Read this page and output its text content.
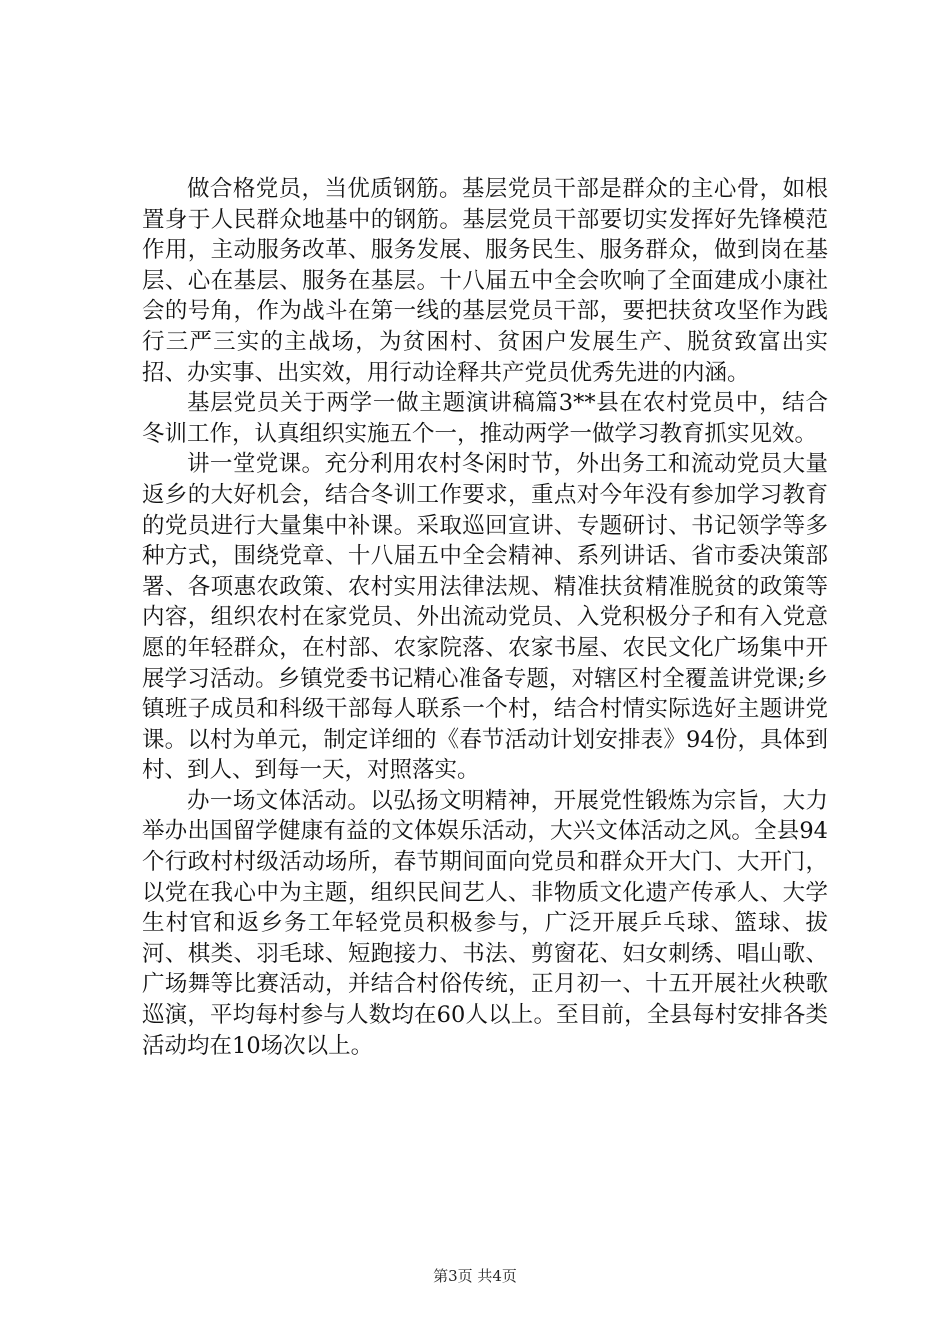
做合格党员，当优质钢筋。基层党员干部是群众的主心骨，如根置身于人民群众地基中的钢筋。基层党员干部要切实发挥好先锋模范作用，主动服务改革、服务发展、服务民生、服务群众，做到岗在基层、心在基层、服务在基层。十八届五中全会吹响了全面建成小康社会的号角，作为战斗在第一线的基层党员干部，要把扶贫攻坚作为践行三严三实的主战场，为贫困村、贫困户发展生产、脱贫致富出实招、办实事、出实效，用行动诠释共产党员优秀先进的内涵。

基层党员关于两学一做主题演讲稿篇3**县在农村党员中，结合冬训工作，认真组织实施五个一，推动两学一做学习教育抓实见效。

讲一堂党课。充分利用农村冬闲时节，外出务工和流动党员大量返乡的大好机会，结合冬训工作要求，重点对今年没有参加学习教育的党员进行大量集中补课。采取巡回宣讲、专题研讨、书记领学等多种方式，围绕党章、十八届五中全会精神、系列讲话、省市委决策部署、各项惠农政策、农村实用法律法规、精准扶贫精准脱贫的政策等内容，组织农村在家党员、外出流动党员、入党积极分子和有入党意愿的年轻群众，在村部、农家院落、农家书屋、农民文化广场集中开展学习活动。乡镇党委书记精心准备专题，对辖区村全覆盖讲党课;乡镇班子成员和科级干部每人联系一个村，结合村情实际选好主题讲党课。以村为单元，制定详细的《春节活动计划安排表》94份，具体到村、到人、到每一天，对照落实。

办一场文体活动。以弘扬文明精神，开展党性锻炼为宗旨，大力举办出国留学健康有益的文体娱乐活动，大兴文体活动之风。全县94个行政村村级活动场所，春节期间面向党员和群众开大门、大开门，以党在我心中为主题，组织民间艺人、非物质文化遗产传承人、大学生村官和返乡务工年轻党员积极参与，广泛开展乒乓球、篮球、拔河、棋类、羽毛球、短跑接力、书法、剪窗花、妇女刺绣、唱山歌、广场舞等比赛活动，并结合村俗传统，正月初一、十五开展社火秧歌巡演，平均每村参与人数均在60人以上。至目前，全县每村安排各类活动均在10场次以上。

第3页 共4页
